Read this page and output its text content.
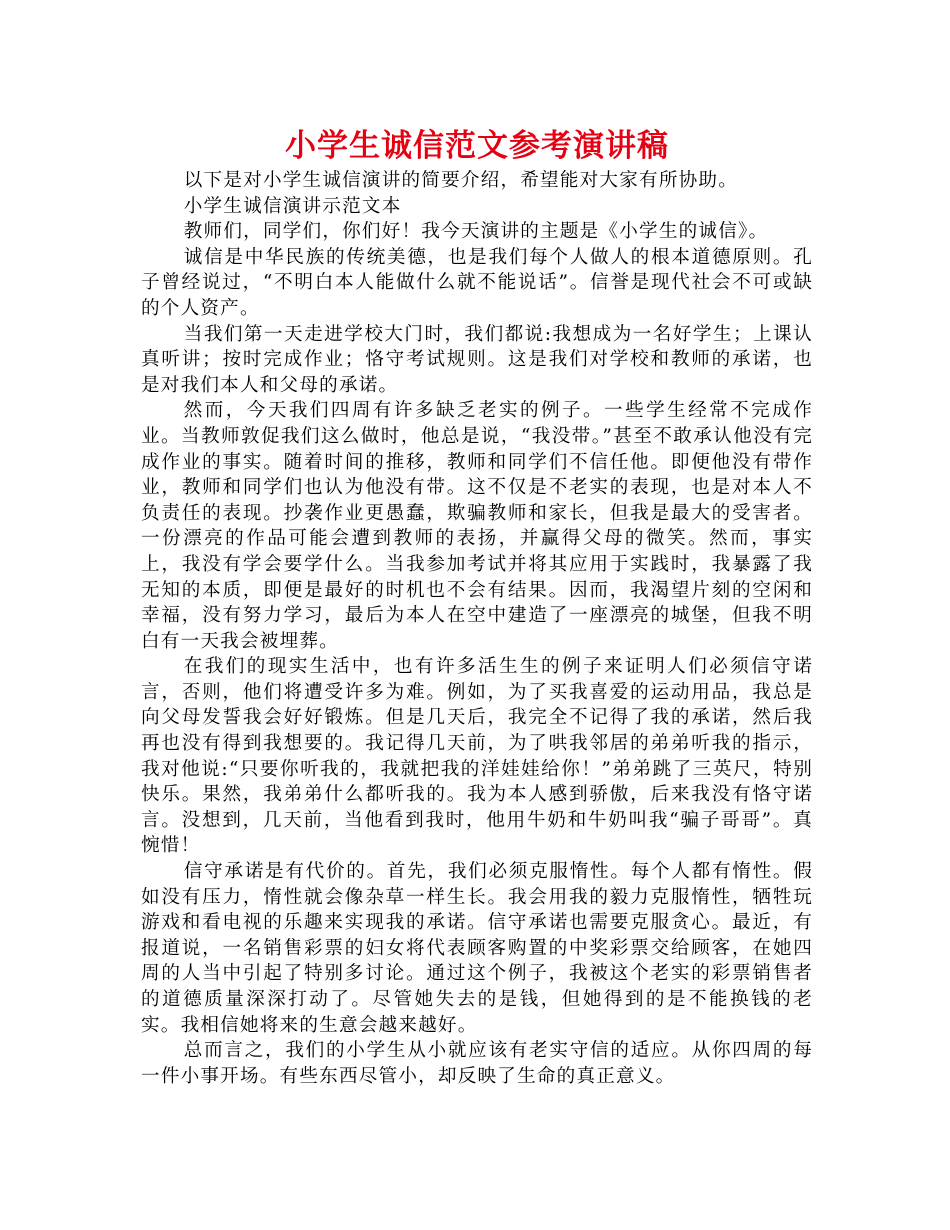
小学生诚信范文参考演讲稿

以下是对小学生诚信演讲的简要介绍，希望能对大家有所协助。

小学生诚信演讲示范文本

教师们，同学们，你们好！我今天演讲的主题是《小学生的诚信》。

诚信是中华民族的传统美德，也是我们每个人做人的根本道德原则。孔子曾经说过，“不明白本人能做什么就不能说话”。信誉是现代社会不可或缺的个人资产。

当我们第一天走进学校大门时，我们都说:我想成为一名好学生；上课认真听讲；按时完成作业；恪守考试规则。这是我们对学校和教师的承诺，也是对我们本人和父母的承诺。

然而，今天我们四周有许多缺乏老实的例子。一些学生经常不完成作业。当教师敦促我们这么做时，他总是说，“我没带。”甚至不敢承认他没有完成作业的事实。随着时间的推移，教师和同学们不信任他。即便他没有带作业，教师和同学们也认为他没有带。这不仅是不老实的表现，也是对本人不负责任的表现。抄袭作业更愚蠢，欺骗教师和家长，但我是最大的受害者。一份漂亮的作品可能会遭到教师的表扬，并赢得父母的微笑。然而，事实上，我没有学会要学什么。当我参加考试并将其应用于实践时，我暴露了我无知的本质，即便是最好的时机也不会有结果。因而，我渴望片刻的空闲和幸福，没有努力学习，最后为本人在空中建造了一座漂亮的城堡，但我不明白有一天我会被埋葬。

在我们的现实生活中，也有许多活生生的例子来证明人们必须信守诺言，否则，他们将遭受许多为难。例如，为了买我喜爱的运动用品，我总是向父母发誓我会好好锻炼。但是几天后，我完全不记得了我的承诺，然后我再也没有得到我想要的。我记得几天前，为了哄我邻居的弟弟听我的指示，我对他说:“只要你听我的，我就把我的洋娃娃给你！”弟弟跳了三英尺，特别快乐。果然，我弟弟什么都听我的。我为本人感到骄傲，后来我没有恪守诺言。没想到，几天前，当他看到我时，他用牛奶和牛奶叫我“骗子哥哥”。真惋惜！

信守承诺是有代价的。首先，我们必须克服惰性。每个人都有惰性。假如没有压力，惰性就会像杂草一样生长。我会用我的毅力克服惰性，牺牲玩游戏和看电视的乐趣来实现我的承诺。信守承诺也需要克服贪心。最近，有报道说，一名销售彩票的妇女将代表顾客购置的中奖彩票交给顾客，在她四周的人当中引起了特别多讨论。通过这个例子，我被这个老实的彩票销售者的道德质量深深打动了。尽管她失去的是钱，但她得到的是不能换钱的老实。我相信她将来的生意会越来越好。

总而言之，我们的小学生从小就应该有老实守信的适应。从你四周的每一件小事开场。有些东西尽管小，却反映了生命的真正意义。
